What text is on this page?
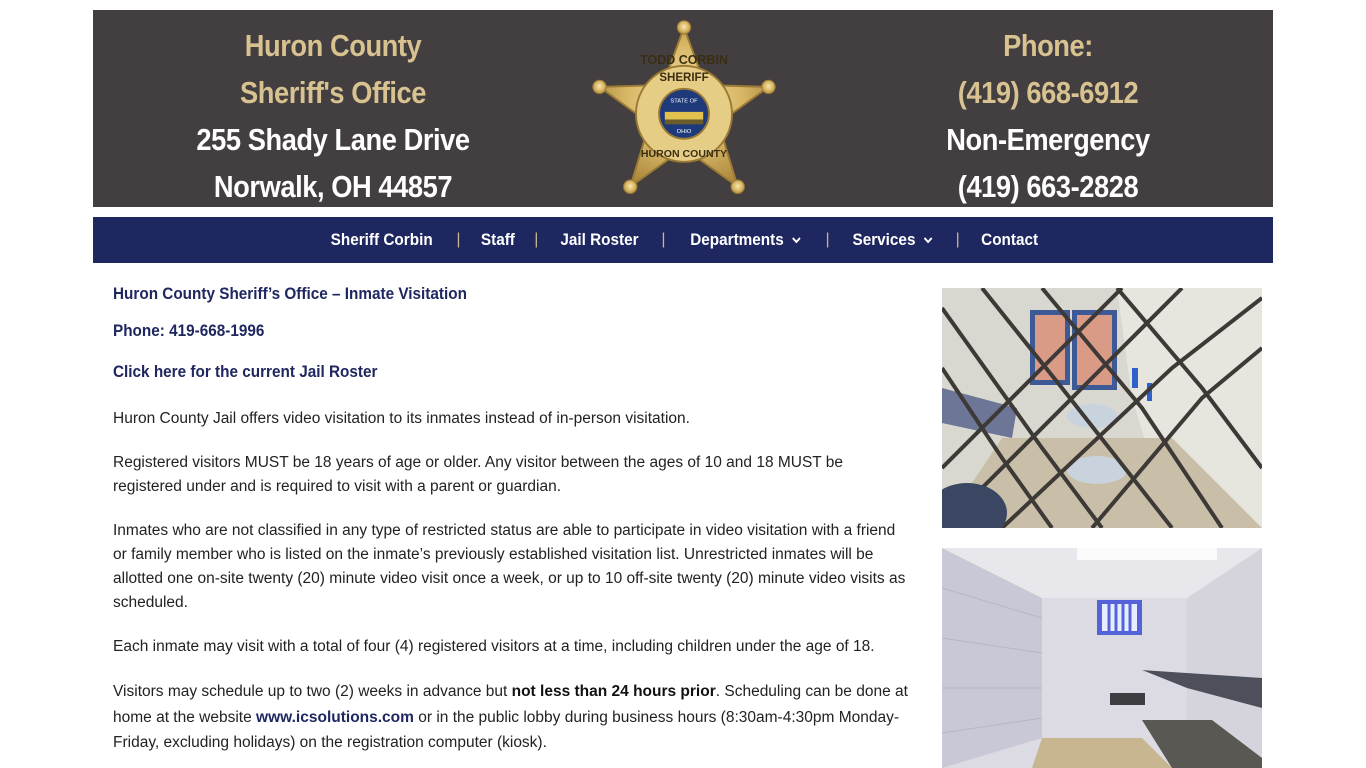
Huron County
Sheriff's Office
255 Shady Lane Drive
Norwalk, OH 44857
TODD CORBIN
SHERIFF
STATE OF
OHIO
HURON COUNTY
Phone:
(419) 668-6912
Non-Emergency
(419) 663-2828
Sheriff Corbin | Staff | Jail Roster | Departments	| Services	| Contact
Huron County Sheriff’s Office – Inmate Visitation
Phone: 419-668-1996
Click here for the current Jail Roster

Huron County Jail offers video visitation to its inmates instead of in-person visitation.

Registered visitors MUST be 18 years of age or older. Any visitor between the ages of 10 and 18 MUST be registered under and is required to visit with a parent or guardian.

Inmates who are not classified in any type of restricted status are able to participate in video visitation with a friend or family member who is listed on the inmate’s previously established visitation list. Unrestricted inmates will be allotted one on-site twenty (20) minute video visit once a week, or up to 10 off-site twenty (20) minute video visits as scheduled.

Each inmate may visit with a total of four (4) registered visitors at a time, including children under the age of 18.

Visitors may schedule up to two (2) weeks in advance but not less than 24 hours prior. Scheduling can be done at home at the website www.icsolutions.com or in the public lobby during business hours (8:30am-4:30pm Monday-Friday, excluding holidays) on the registration computer (kiosk).
